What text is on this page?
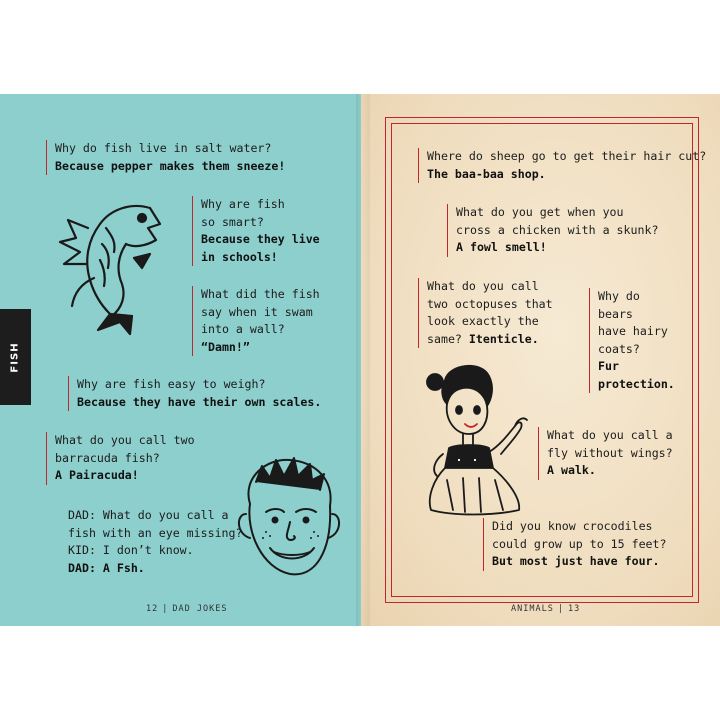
FISH
Why do fish live in salt water?
Because pepper makes them sneeze!
Why are fish
so smart?
Because they live
in schools!
What did the fish
say when it swam
into a wall?
“Damn!”
Why are fish easy to weigh?
Because they have their own scales.
What do you call two
barracuda fish?
A Pairacuda!
DAD: What do you call a
fish with an eye missing?
KID: I don’t know.
DAD: A Fsh.
12 | DAD JOKES
Where do sheep go to get their hair cut?
The baa-baa shop.
What do you get when you
cross a chicken with a skunk?
A fowl smell!
What do you call
two octopuses that
look exactly the
same? Itenticle.
Why do
bears
have hairy
coats?
Fur
protection.
What do you call a
fly without wings?
A walk.
Did you know crocodiles
could grow up to 15 feet?
But most just have four.
ANIMALS | 13
